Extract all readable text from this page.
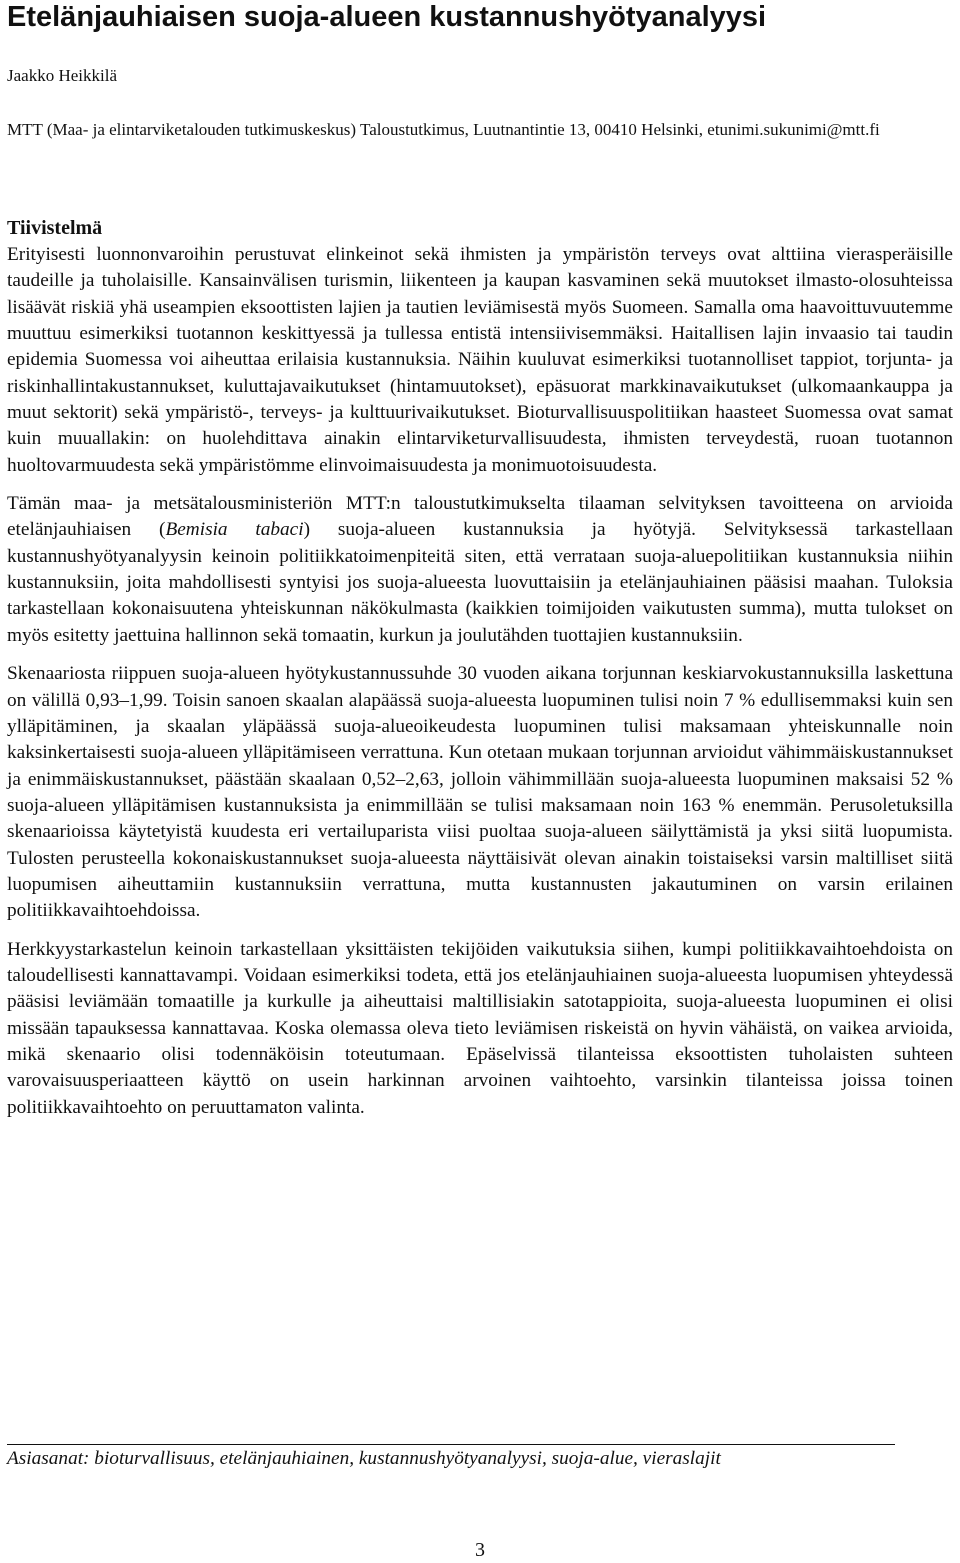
Etelänjauhiaisen suoja-alueen kustannushyötyanalyysi

Jaakko Heikkilä

MTT (Maa- ja elintarviketalouden tutkimuskeskus) Taloustutkimus, Luutnantintie 13, 00410 Helsinki, etunimi.sukunimi@mtt.fi

Tiivistelmä

Erityisesti luonnonvaroihin perustuvat elinkeinot sekä ihmisten ja ympäristön terveys ovat alttiina vierasperäisille taudeille ja tuholaisille. Kansainvälisen turismin, liikenteen ja kaupan kasvaminen sekä muutokset ilmasto-olosuhteissa lisäävät riskiä yhä useampien eksoottisten lajien ja tautien leviämisestä myös Suomeen. Samalla oma haavoittuvuutemme muuttuu esimerkiksi tuotannon keskittyessä ja tullessa entistä intensiivisemmäksi. Haitallisen lajin invaasio tai taudin epidemia Suomessa voi aiheuttaa erilaisia kustannuksia. Näihin kuuluvat esimerkiksi tuotannolliset tappiot, torjunta- ja riskinhallintakustannukset, kuluttajavaikutukset (hintamuutokset), epäsuorat markkinavaikutukset (ulkomaankauppa ja muut sektorit) sekä ympäristö-, terveys- ja kulttuurivaikutukset. Bioturvallisuuspolitiikan haasteet Suomessa ovat samat kuin muuallakin: on huolehdittava ainakin elintarviketurvallisuudesta, ihmisten terveydestä, ruoan tuotannon huoltovarmuudesta sekä ympäristömme elinvoimaisuudesta ja monimuotoisuudesta.

Tämän maa- ja metsätalousministeriön MTT:n taloustutkimukselta tilaaman selvityksen tavoitteena on arvioida etelänjauhiaisen (Bemisia tabaci) suoja-alueen kustannuksia ja hyötyjä. Selvityksessä tarkastellaan kustannushyötyanalyysin keinoin politiikkatoimenpiteitä siten, että verrataan suoja-aluepolitiikan kustannuksia niihin kustannuksiin, joita mahdollisesti syntyisi jos suoja-alueesta luovuttaisiin ja etelänjauhiainen pääsisi maahan. Tuloksia tarkastellaan kokonaisuutena yhteiskunnan näkökulmasta (kaikkien toimijoiden vaikutusten summa), mutta tulokset on myös esitetty jaettuina hallinnon sekä tomaatin, kurkun ja joulutähden tuottajien kustannuksiin.

Skenaariosta riippuen suoja-alueen hyötykustannussuhde 30 vuoden aikana torjunnan keskiarvokustannuksilla laskettuna on välillä 0,93–1,99. Toisin sanoen skaalan alapäässä suoja-alueesta luopuminen tulisi noin 7 % edullisemmaksi kuin sen ylläpitäminen, ja skaalan yläpäässä suoja-alueoikeudesta luopuminen tulisi maksamaan yhteiskunnalle noin kaksinkertaisesti suoja-alueen ylläpitämiseen verrattuna. Kun otetaan mukaan torjunnan arvioidut vähimmäiskustannukset ja enimmäiskustannukset, päästään skaalaan 0,52–2,63, jolloin vähimmillään suoja-alueesta luopuminen maksaisi 52 % suoja-alueen ylläpitämisen kustannuksista ja enimmillään se tulisi maksamaan noin 163 % enemmän. Perusoletuksilla skenaarioissa käytetyistä kuudesta eri vertailuparista viisi puoltaa suoja-alueen säilyttämistä ja yksi siitä luopumista. Tulosten perusteella kokonaiskustannukset suoja-alueesta näyttäisivät olevan ainakin toistaiseksi varsin maltilliset siitä luopumisen aiheuttamiin kustannuksiin verrattuna, mutta kustannusten jakautuminen on varsin erilainen politiikkavaihtoehdoissa.

Herkkyystarkastelun keinoin tarkastellaan yksittäisten tekijöiden vaikutuksia siihen, kumpi politiikkavaihtoehdoista on taloudellisesti kannattavampi. Voidaan esimerkiksi todeta, että jos etelänjauhiainen suoja-alueesta luopumisen yhteydessä pääsisi leviämään tomaatille ja kurkulle ja aiheuttaisi maltillisiakin satotappioita, suoja-alueesta luopuminen ei olisi missään tapauksessa kannattavaa. Koska olemassa oleva tieto leviämisen riskeistä on hyvin vähäistä, on vaikea arvioida, mikä skenaario olisi todennäköisin toteutumaan. Epäselvissä tilanteissa eksoottisten tuholaisten suhteen varovaisuusperiaatteen käyttö on usein harkinnan arvoinen vaihtoehto, varsinkin tilanteissa joissa toinen politiikkavaihtoehto on peruuttamaton valinta.

Asiasanat: bioturvallisuus, etelänjauhiainen, kustannushyötyanalyysi, suoja-alue, vieraslajit

3
